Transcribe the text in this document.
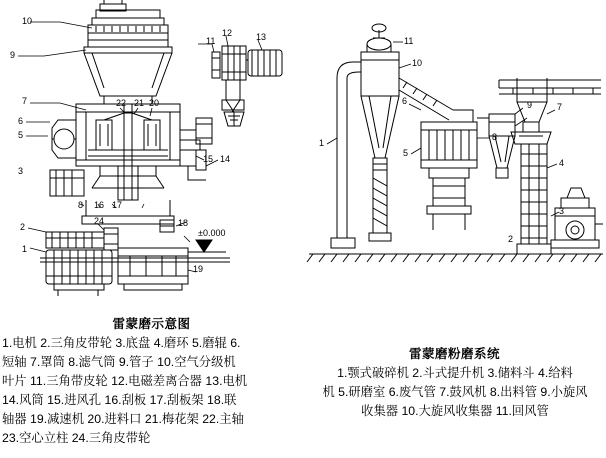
10
9
11
12	13
7	22 21 20
6
5
3
15 14
2
24
1
8 16 17
18
19
±0.000
雷蒙磨示意图
1.电机 2.三角皮带轮 3.底盘 4.磨环 5.磨辊 6.
短轴 7.罩筒 8.滤气筒 9.管子 10.空气分级机
叶片 11.三角带皮轮 12.电磁差离合器 13.电机
14.风筒 15.进风孔 16.刮板 17.刮板架 18.联
轴器 19.减速机 20.进料口 21.梅花架 22.主轴
23.空心立柱 24.三角皮带轮
11
10
9
8
7
6
5
4
3
2
1
雷蒙磨粉磨系统
1.颚式破碎机 2.斗式提升机 3.储料斗 4.给料
机 5.研磨室 6.废气管 7.鼓风机 8.出料管 9.小旋风
收集器 10.大旋风收集器 11.回风管
